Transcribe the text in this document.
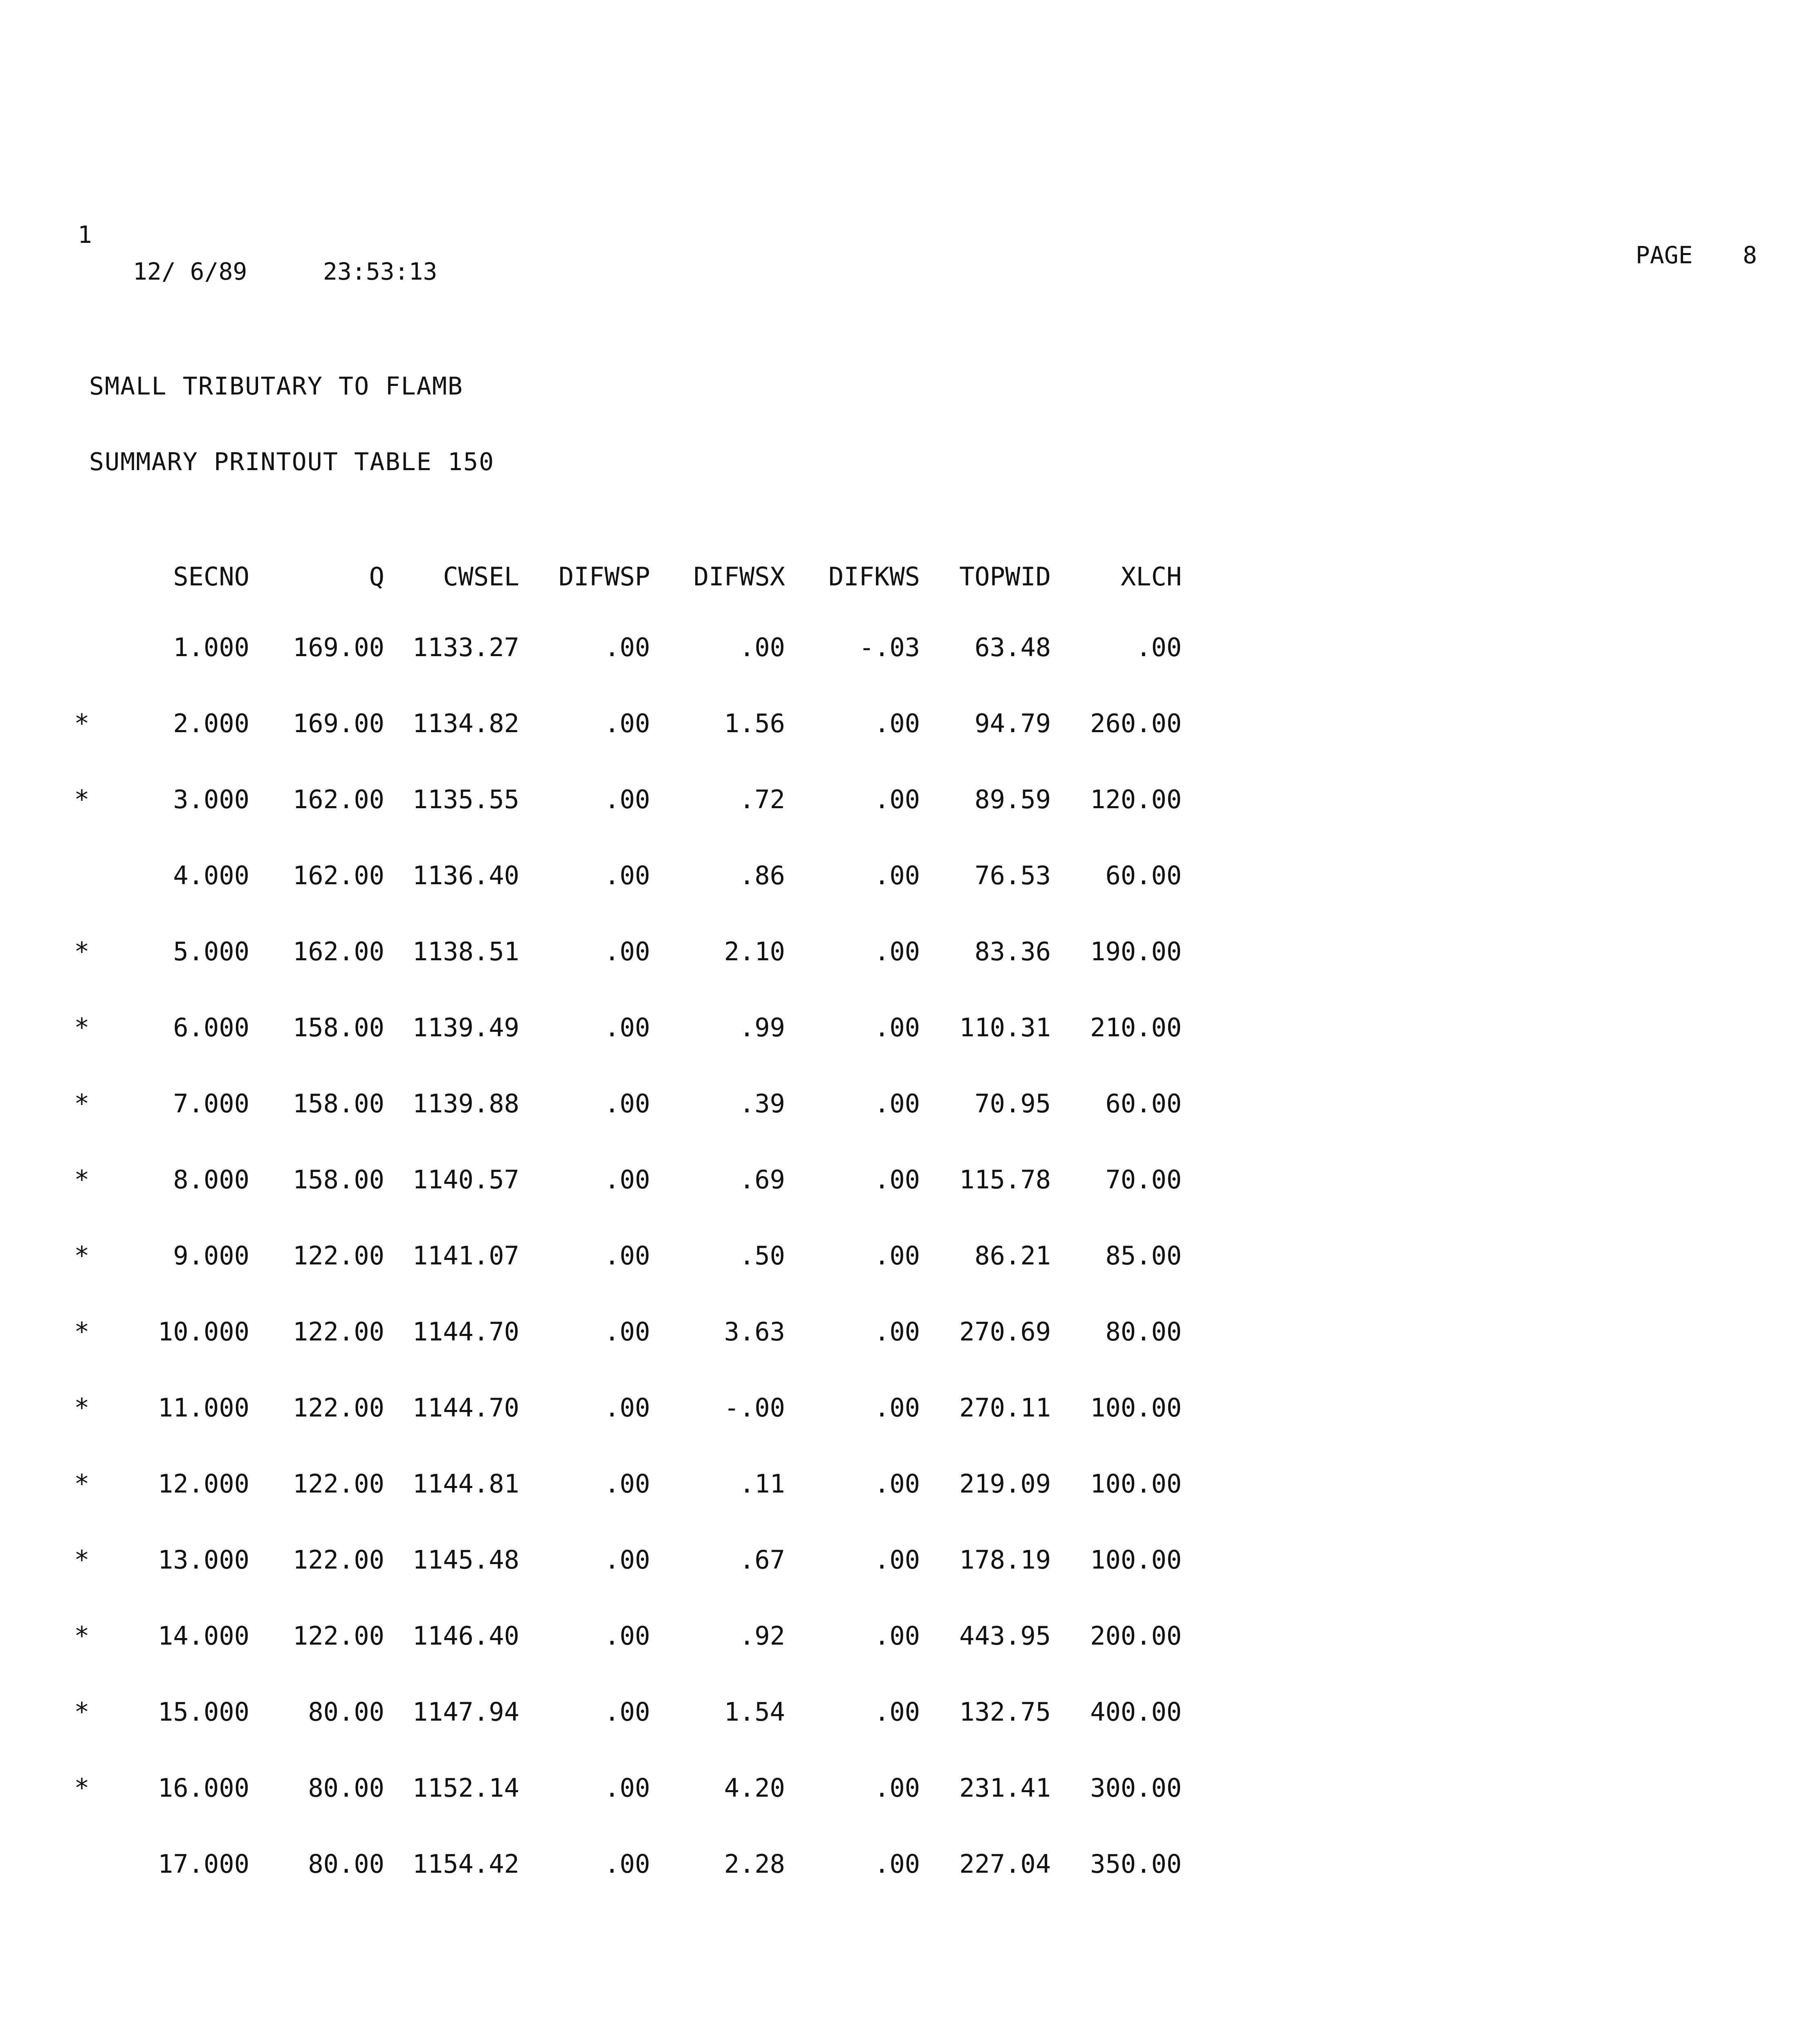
1
12/ 6/89	23:53:13
PAGE 8
SMALL TRIBUTARY TO FLAMB
SUMMARY PRINTOUT TABLE 150
	SECNO	Q	CWSEL	DIFWSP	DIFWSX	DIFKWS	TOPWID	XLCH
	1.000	169.00	1133.27	.00	.00	-.03	63.48	.00
*	2.000	169.00	1134.82	.00	1.56	.00	94.79	260.00
*	3.000	162.00	1135.55	.00	.72	.00	89.59	120.00
	4.000	162.00	1136.40	.00	.86	.00	76.53	60.00
*	5.000	162.00	1138.51	.00	2.10	.00	83.36	190.00
*	6.000	158.00	1139.49	.00	.99	.00	110.31	210.00
*	7.000	158.00	1139.88	.00	.39	.00	70.95	60.00
*	8.000	158.00	1140.57	.00	.69	.00	115.78	70.00
*	9.000	122.00	1141.07	.00	.50	.00	86.21	85.00
*	10.000	122.00	1144.70	.00	3.63	.00	270.69	80.00
*	11.000	122.00	1144.70	.00	-.00	.00	270.11	100.00
*	12.000	122.00	1144.81	.00	.11	.00	219.09	100.00
*	13.000	122.00	1145.48	.00	.67	.00	178.19	100.00
*	14.000	122.00	1146.40	.00	.92	.00	443.95	200.00
*	15.000	80.00	1147.94	.00	1.54	.00	132.75	400.00
*	16.000	80.00	1152.14	.00	4.20	.00	231.41	300.00
	17.000	80.00	1154.42	.00	2.28	.00	227.04	350.00
